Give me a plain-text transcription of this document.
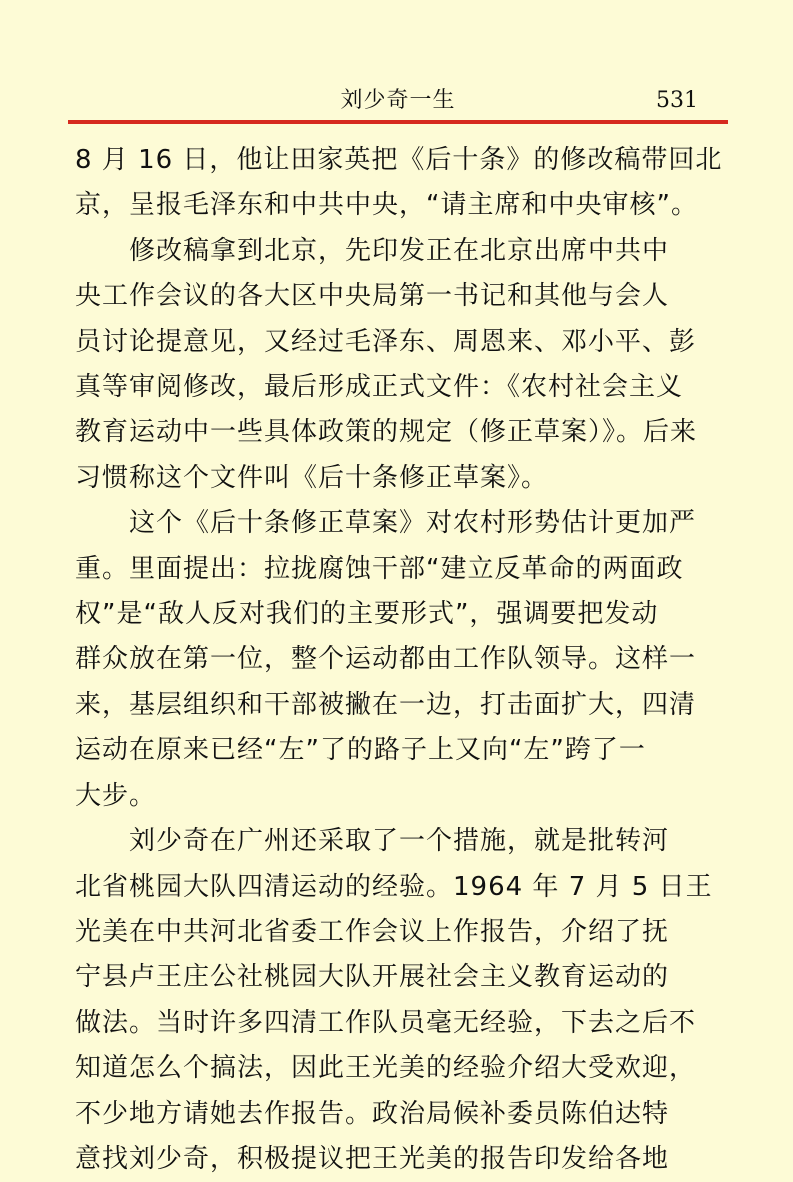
刘少奇一生	531

8 月 16 日，他让田家英把《后十条》的修改稿带回北
京，呈报毛泽东和中共中央，“请主席和中央审核”。

修改稿拿到北京，先印发正在北京出席中共中
央工作会议的各大区中央局第一书记和其他与会人
员讨论提意见，又经过毛泽东、周恩来、邓小平、彭
真等审阅修改，最后形成正式文件：《农村社会主义
教育运动中一些具体政策的规定（修正草案）》。后来
习惯称这个文件叫《后十条修正草案》。

这个《后十条修正草案》对农村形势估计更加严
重。里面提出：拉拢腐蚀干部“建立反革命的两面政
权”是“敌人反对我们的主要形式”，强调要把发动
群众放在第一位，整个运动都由工作队领导。这样一
来，基层组织和干部被撇在一边，打击面扩大，四清
运动在原来已经“左”了的路子上又向“左”跨了一
大步。

刘少奇在广州还采取了一个措施，就是批转河
北省桃园大队四清运动的经验。1964 年 7 月 5 日王
光美在中共河北省委工作会议上作报告，介绍了抚
宁县卢王庄公社桃园大队开展社会主义教育运动的
做法。当时许多四清工作队员毫无经验，下去之后不
知道怎么个搞法，因此王光美的经验介绍大受欢迎，
不少地方请她去作报告。政治局候补委员陈伯达特
意找刘少奇，积极提议把王光美的报告印发给各地
